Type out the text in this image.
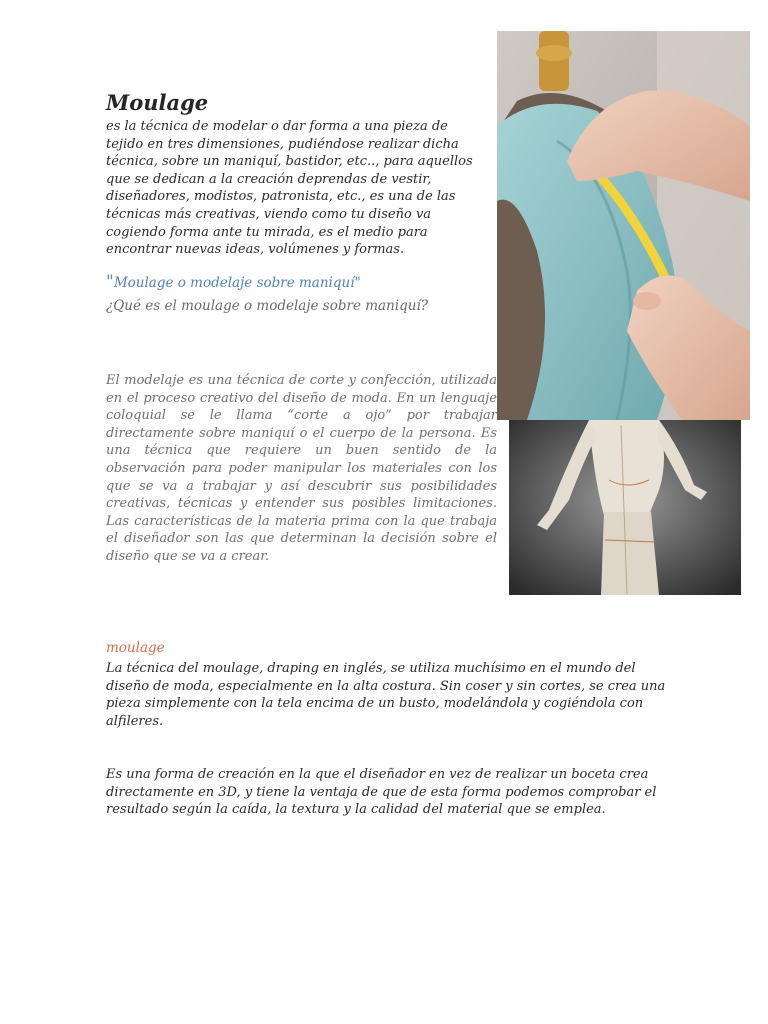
Moulage
es la técnica de modelar o dar forma a una pieza de tejido en tres dimensiones, pudiéndose realizar dicha técnica, sobre un maniquí, bastidor, etc.., para aquellos que se dedican a la creación deprendas de vestir, diseñadores, modistos, patronista, etc., es una de las técnicas más creativas, viendo como tu diseño va cogiendo forma ante tu mirada, es el medio para encontrar nuevas ideas, volúmenes y formas.
"Moulage o modelaje sobre maniquí"
¿Qué es el moulage o modelaje sobre maniquí?
El modelaje es una técnica de corte y confección, utilizada en el proceso creativo del diseño de moda. En un lenguaje coloquial se le llama “corte a ojo” por trabajar directamente sobre maniquí o el cuerpo de la persona. Es una técnica que requiere un buen sentido de la observación para poder manipular los materiales con los que se va a trabajar y así descubrir sus posibilidades creativas, técnicas y entender sus posibles limitaciones. Las características de la materia prima con la que trabaja el diseñador son las que determinan la decisión sobre el diseño que se va a crear.
moulage
La técnica del moulage, draping en inglés, se utiliza muchísimo en el mundo del diseño de moda, especialmente en la alta costura. Sin coser y sin cortes, se crea una pieza simplemente con la tela encima de un busto, modelándola y cogiéndola con alfileres.
Es una forma de creación en la que el diseñador en vez de realizar un boceta crea directamente en 3D, y tiene la ventaja de que de esta forma podemos comprobar el resultado según la caída, la textura y la calidad del material que se emplea.
